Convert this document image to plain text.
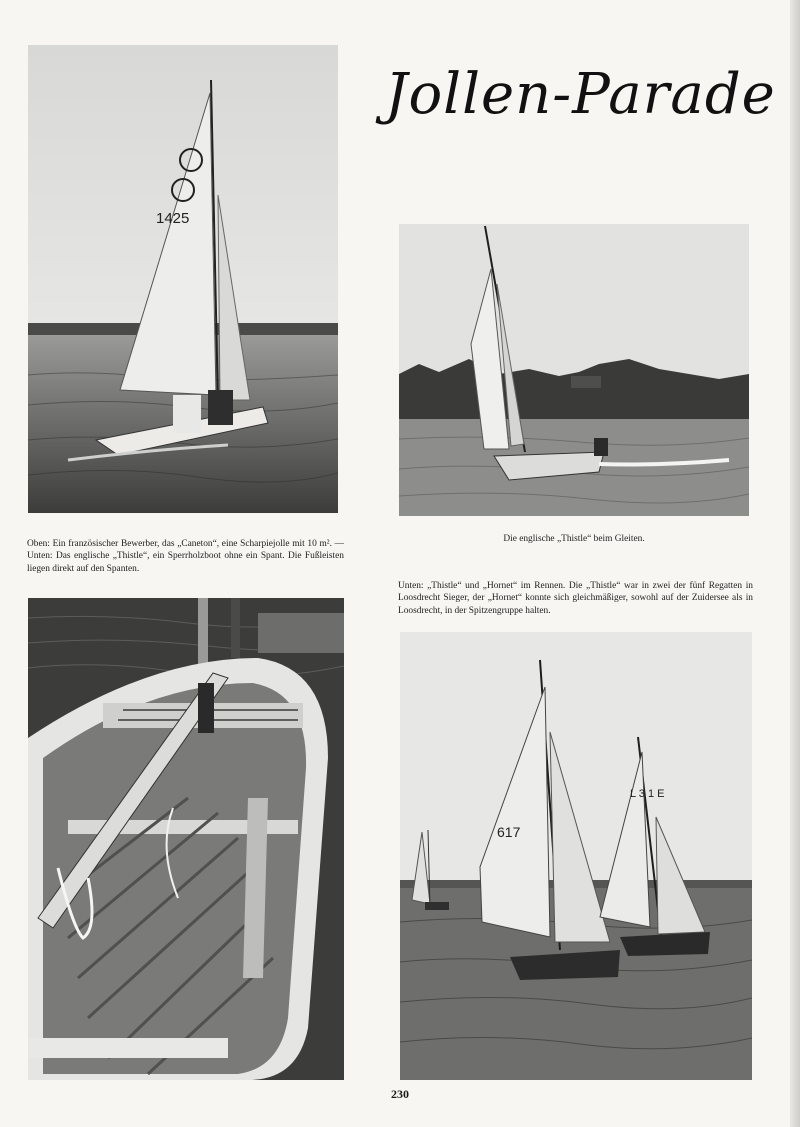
Jollen-Parade
1425
Oben: Ein französischer Bewerber, das „Caneton“, eine Scharpiejolle mit 10 m². — Unten: Das englische „Thistle“, ein Sperrholzboot ohne ein Spant. Die Fußleisten liegen direkt auf den Spanten.
Die englische „Thistle“ beim Gleiten.
Unten: „Thistle“ und „Hornet“ im Rennen. Die „Thistle“ war in zwei der fünf Regatten in Loosdrecht Sieger, der „Hornet“ konnte sich gleichmäßiger, sowohl auf der Zuidersee als in Loosdrecht, in der Spitzengruppe halten.
617
L 3 1 E
230
